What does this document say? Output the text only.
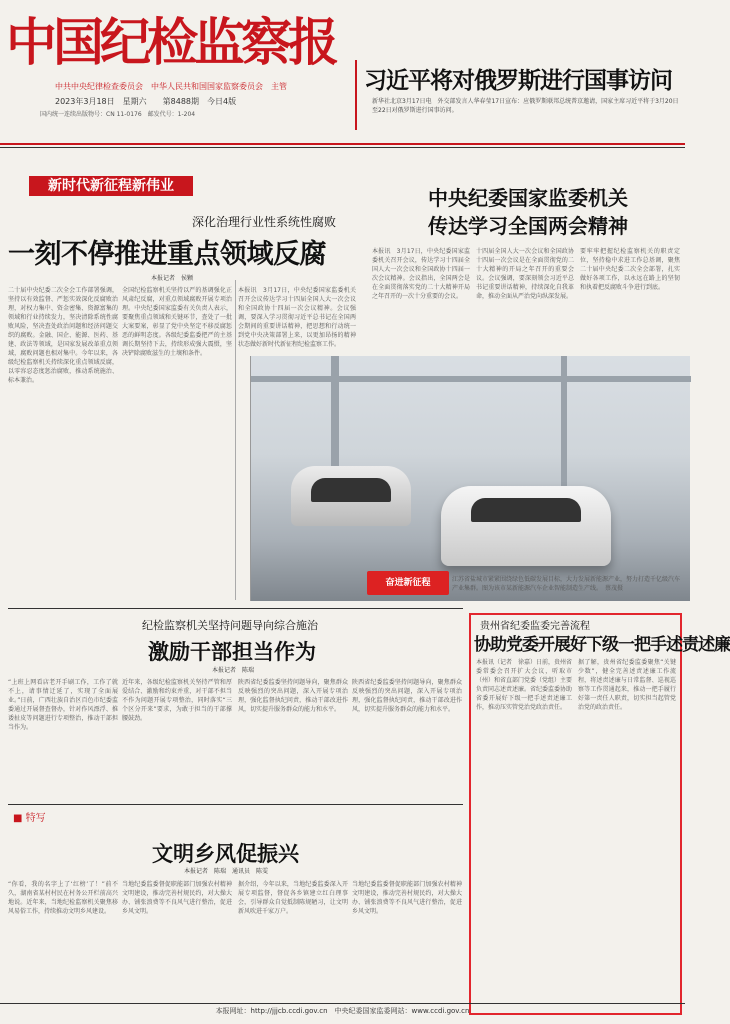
中国纪检监察报
中共中央纪律检查委员会　中华人民共和国国家监察委员会　主管
2023年3月18日　星期六　　 第8488期　今日4版
国内统一连续出版物号：CN 11-0176　邮发代号：1-204
习近平将对俄罗斯进行国事访问
新华社北京3月17日电　外交部发言人华春莹17日宣布：应俄罗斯联邦总统普京邀请，国家主席习近平将于3月20日至22日对俄罗斯进行国事访问。
新时代新征程新伟业
深化治理行业性系统性腐败
一刻不停推进重点领域反腐
本报记者　侯颗
二十届中央纪委二次全会工作部署强调，坚持以有效监督、严惩实效深化反腐败治理，对权力集中、资金密集、资源富集的领域和行业持续发力，坚决清除系统性腐败风险，坚决查处政治问题和经济问题交织的腐败。金融、国企、能源、医药、基建、政法等领域，是国家发展改革重点领域，腐败问题也相对集中。今年以来，各级纪检监察机关持续深化重点领域反腐，以零容忍态度惩治腐败，推动系统施治、标本兼治。
全国纪检监察机关坚持以严的基调强化正风肃纪反腐，对重点领域腐败开展专项治理。中央纪委国家监委有关负责人表示，要聚焦重点领域和关键环节，查处了一批大案要案，彰显了党中央坚定不移反腐惩恶的鲜明态度。各级纪委监委把严的主基调长期坚持下去，持续形成强大震慑，坚决铲除腐败滋生的土壤和条件。
本报讯　3月17日，中央纪委国家监委机关召开会议传达学习十四届全国人大一次会议和全国政协十四届一次会议精神。会议强调，要深入学习贯彻习近平总书记在全国两会期间的重要讲话精神，把思想和行动统一到党中央决策部署上来，以更加昂扬的精神状态做好新时代新征程纪检监察工作。
中央纪委国家监委机关
传达学习全国两会精神
本报讯　3月17日，中央纪委国家监委机关召开会议，传达学习十四届全国人大一次会议和全国政协十四届一次会议精神。会议指出，全国两会是在全面贯彻落实党的二十大精神开局之年召开的一次十分重要的会议。
十四届全国人大一次会议和全国政协十四届一次会议是在全面贯彻党的二十大精神的开局之年召开的重要会议。会议强调，要深刻领会习近平总书记重要讲话精神，持续深化自我革命，推动全面从严治党向纵深发展。
要牢牢把握纪检监察机关的职责定位，坚持稳中求进工作总基调，聚焦二十届中央纪委二次全会部署，扎实做好各项工作，以永远在路上的坚韧和执着把反腐败斗争进行到底。
奋进新征程	江苏省盐城市紧紧围绕绿色低碳发展目标，大力发展新能源产业，努力打造千亿级汽车产业集群。图为该市某新能源汽车企业智能制造生产线。　蔡茂摄
纪检监察机关坚持问题导向综合施治
激励干部担当作为
本报记者　陈瑞
“上班上网看店老开手刷工作，工作了就不上，请事情迁延了，实现了全面展业。”日前，广西壮族自治区百色市纪委监委通过开展督查督办，针对作风漂浮、推诿扯皮等问题进行专项整治，推动干部担当作为。
近年来，各级纪检监察机关坚持严管和厚爱结合、激励和约束并重，对干部不担当不作为问题开展专项整治，同时落实“三个区分开来”要求，为敢于担当的干部撑腰鼓劲。
陕西省纪委监委坚持问题导向，聚焦群众反映强烈的突出问题，深入开展专项治理，强化监督执纪问责，推动干部改进作风，切实提升服务群众的能力和水平。
陕西省纪委监委坚持问题导向，聚焦群众反映强烈的突出问题，深入开展专项治理，强化监督执纪问责，推动干部改进作风，切实提升服务群众的能力和水平。
贵州省纪委监委完善流程
协助党委开展好下级一把手述责述廉
本报讯（记者　徐嘉）日前，贵州省委常委会召开扩大会议，听取市（州）和省直部门党委（党组）主要负责同志述责述廉。省纪委监委协助省委开展好下级一把手述责述廉工作，推动压实管党治党政治责任。
据了解，贵州省纪委监委聚焦“关键少数”，健全完善述责述廉工作流程，将述责述廉与日常监督、巡视巡察等工作贯通起来，推动一把手履行好第一责任人职责，切实担当起管党治党的政治责任。
■ 特写
文明乡风促振兴
本报记者　陈瑞　通讯员　陈雯
“你看，我的名字上了‘红榜’了！”前不久，湖南省某村村民在村务公开栏前高兴地说。近年来，当地纪检监察机关聚焦移风易俗工作，持续推动文明乡风建设。
当地纪委监委督促职能部门加强农村精神文明建设，推动完善村规民约，对大操大办、铺张浪费等不良风气进行整治，促进乡风文明。
据介绍，今年以来，当地纪委监委深入开展专项监督，督促各乡镇建立红白理事会，引导群众自觉抵制陈规陋习，让文明新风吹进千家万户。
当地纪委监委督促职能部门加强农村精神文明建设，推动完善村规民约，对大操大办、铺张浪费等不良风气进行整治，促进乡风文明。
本报网址：http://jjjcb.ccdi.gov.cn　中央纪委国家监委网站：www.ccdi.gov.cn
